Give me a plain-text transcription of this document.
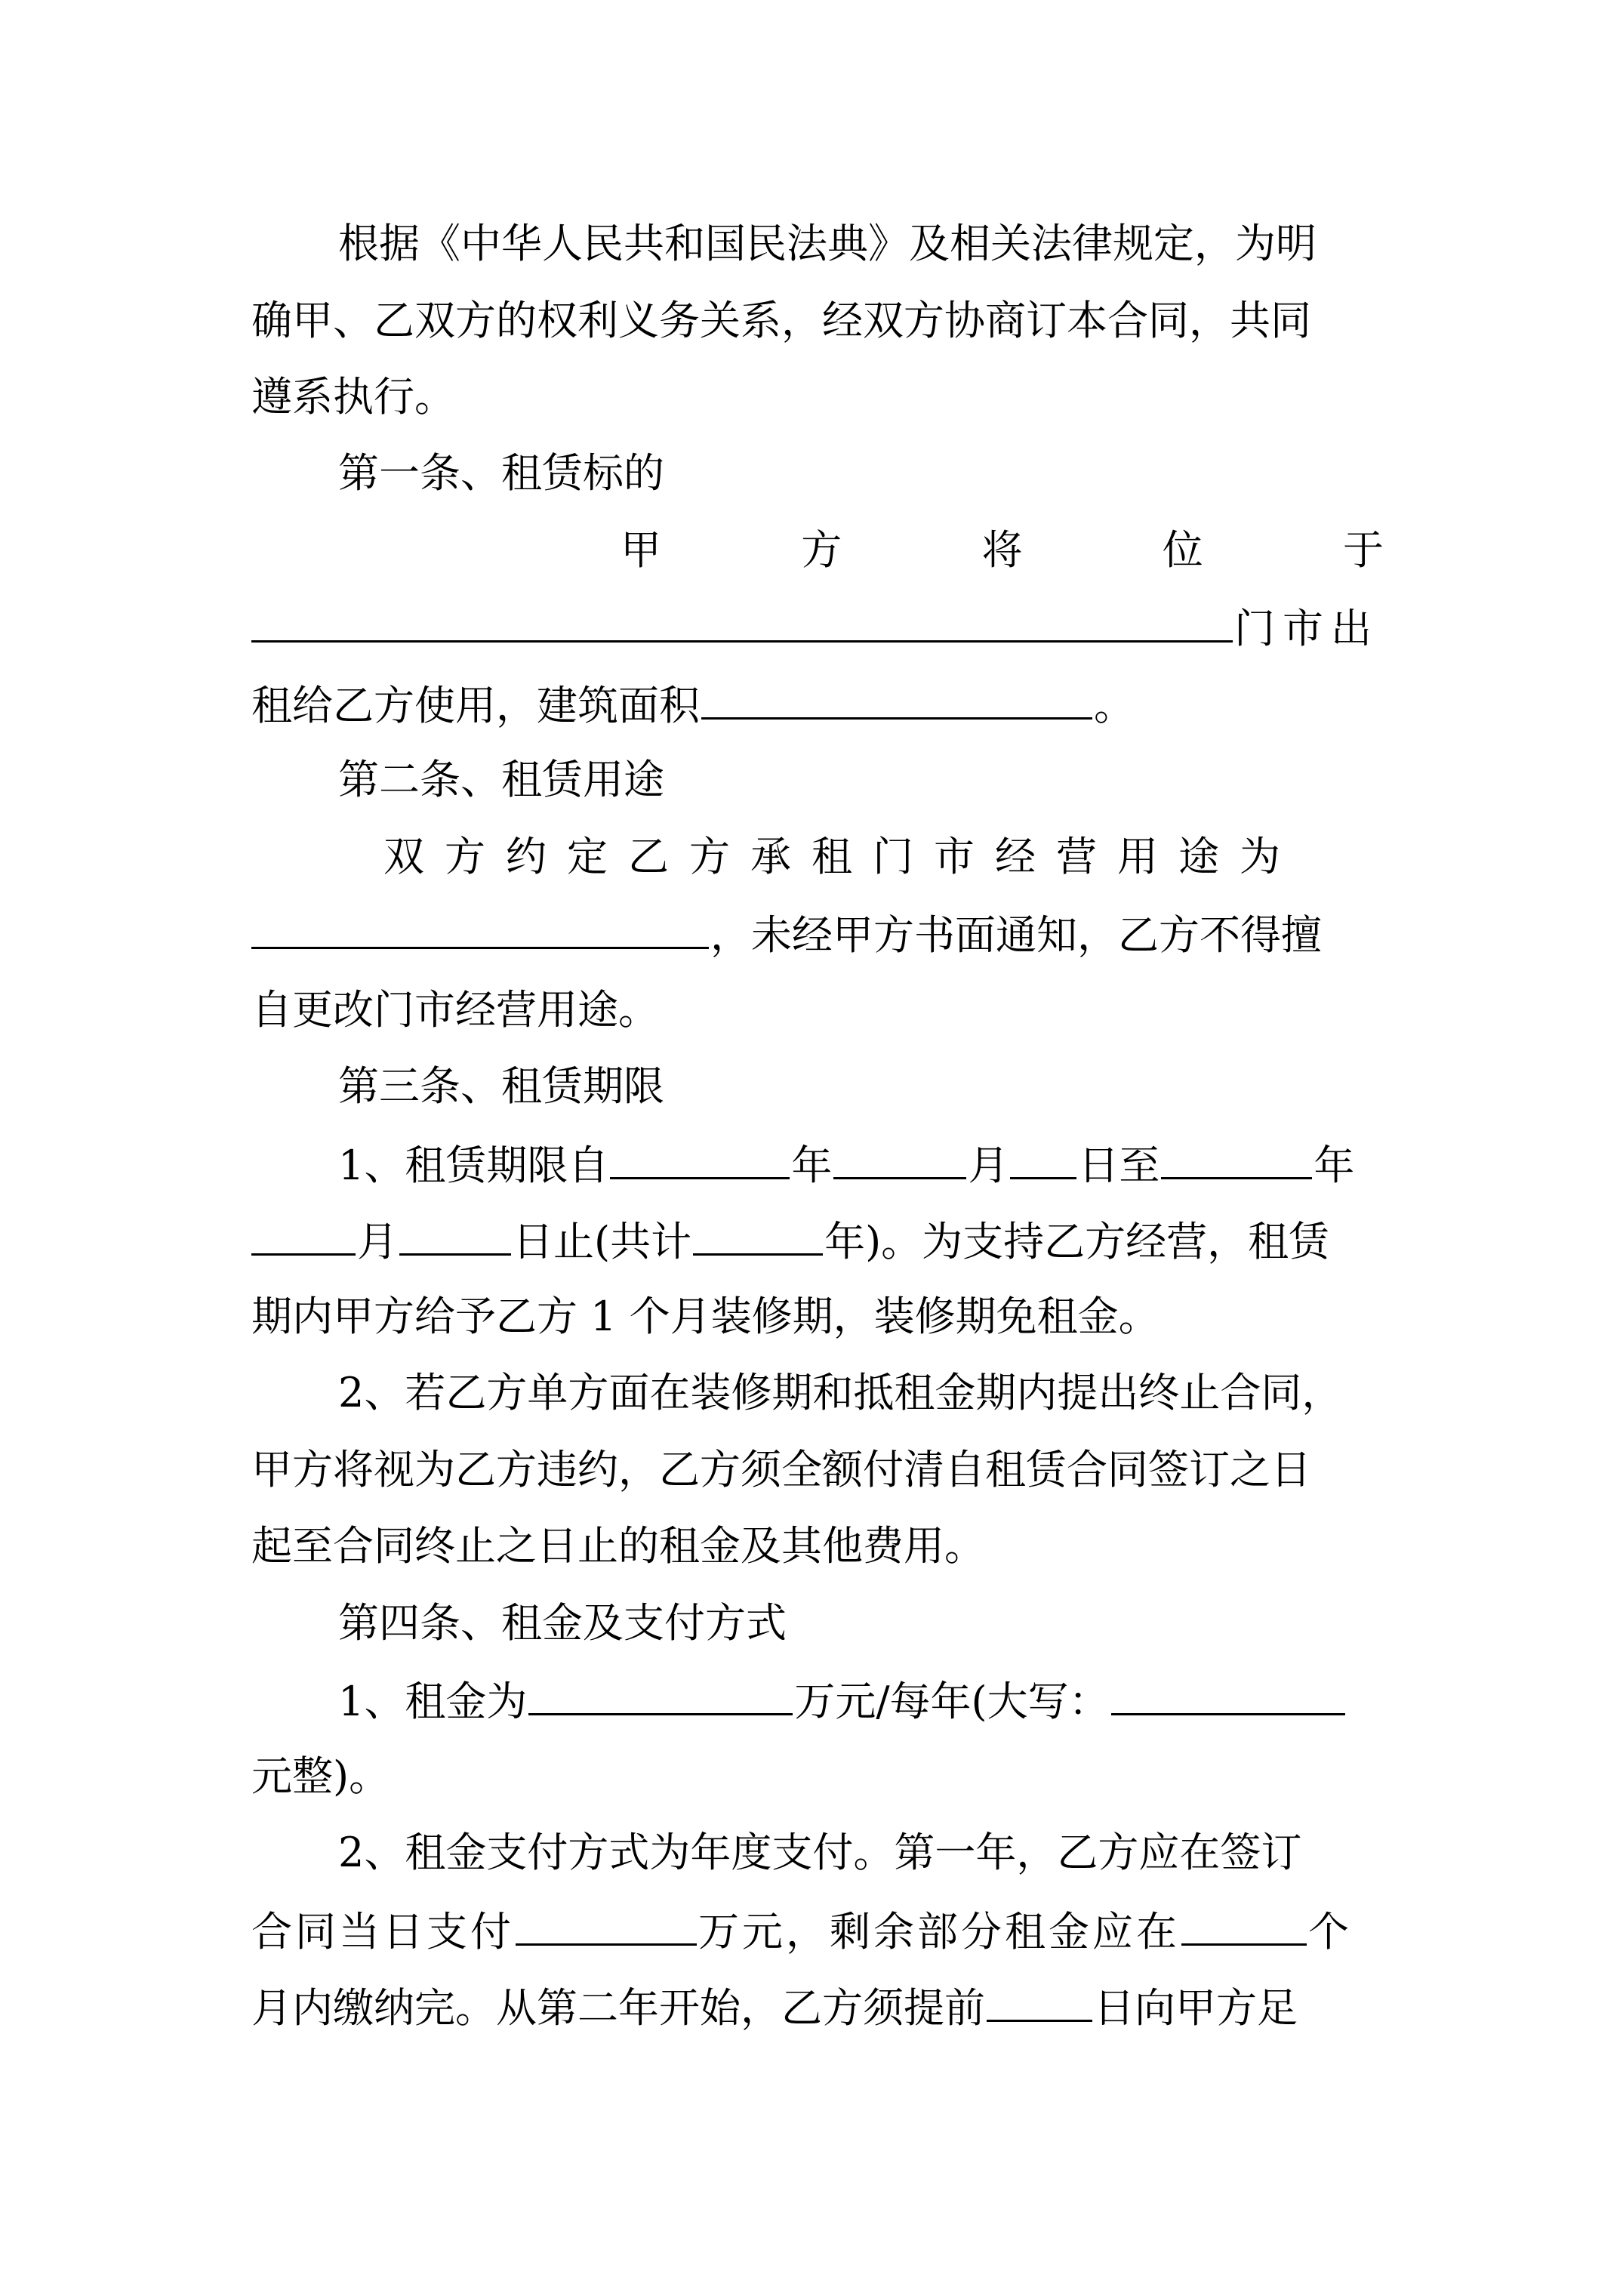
根据《中华人民共和国民法典》及相关法律规定，为明
确甲、乙双方的权利义务关系，经双方协商订本合同，共同
遵系执行。
第一条、租赁标的
甲	方	将	位	于
门市出
租给乙方使用，建筑面积	。
第二条、租赁用途
双方约定乙方承租门市经营用途为
，未经甲方书面通知，乙方不得擅
自更改门市经营用途。
第三条、租赁期限
1、租赁期限自	年	月 日至	年
月	日止(共计	年)。为支持乙方经营，租赁
期内甲方给予乙方 1 个月装修期，装修期免租金。
2、若乙方单方面在装修期和抵租金期内提出终止合同，
甲方将视为乙方违约，乙方须全额付清自租赁合同签订之日
起至合同终止之日止的租金及其他费用。
第四条、租金及支付方式
1、租金为	万元/每年(大写：
元整)。
2、租金支付方式为年度支付。第一年，乙方应在签订
合同当日支付	万元，剩余部分租金应在	个
月内缴纳完。从第二年开始，乙方须提前	日向甲方足
